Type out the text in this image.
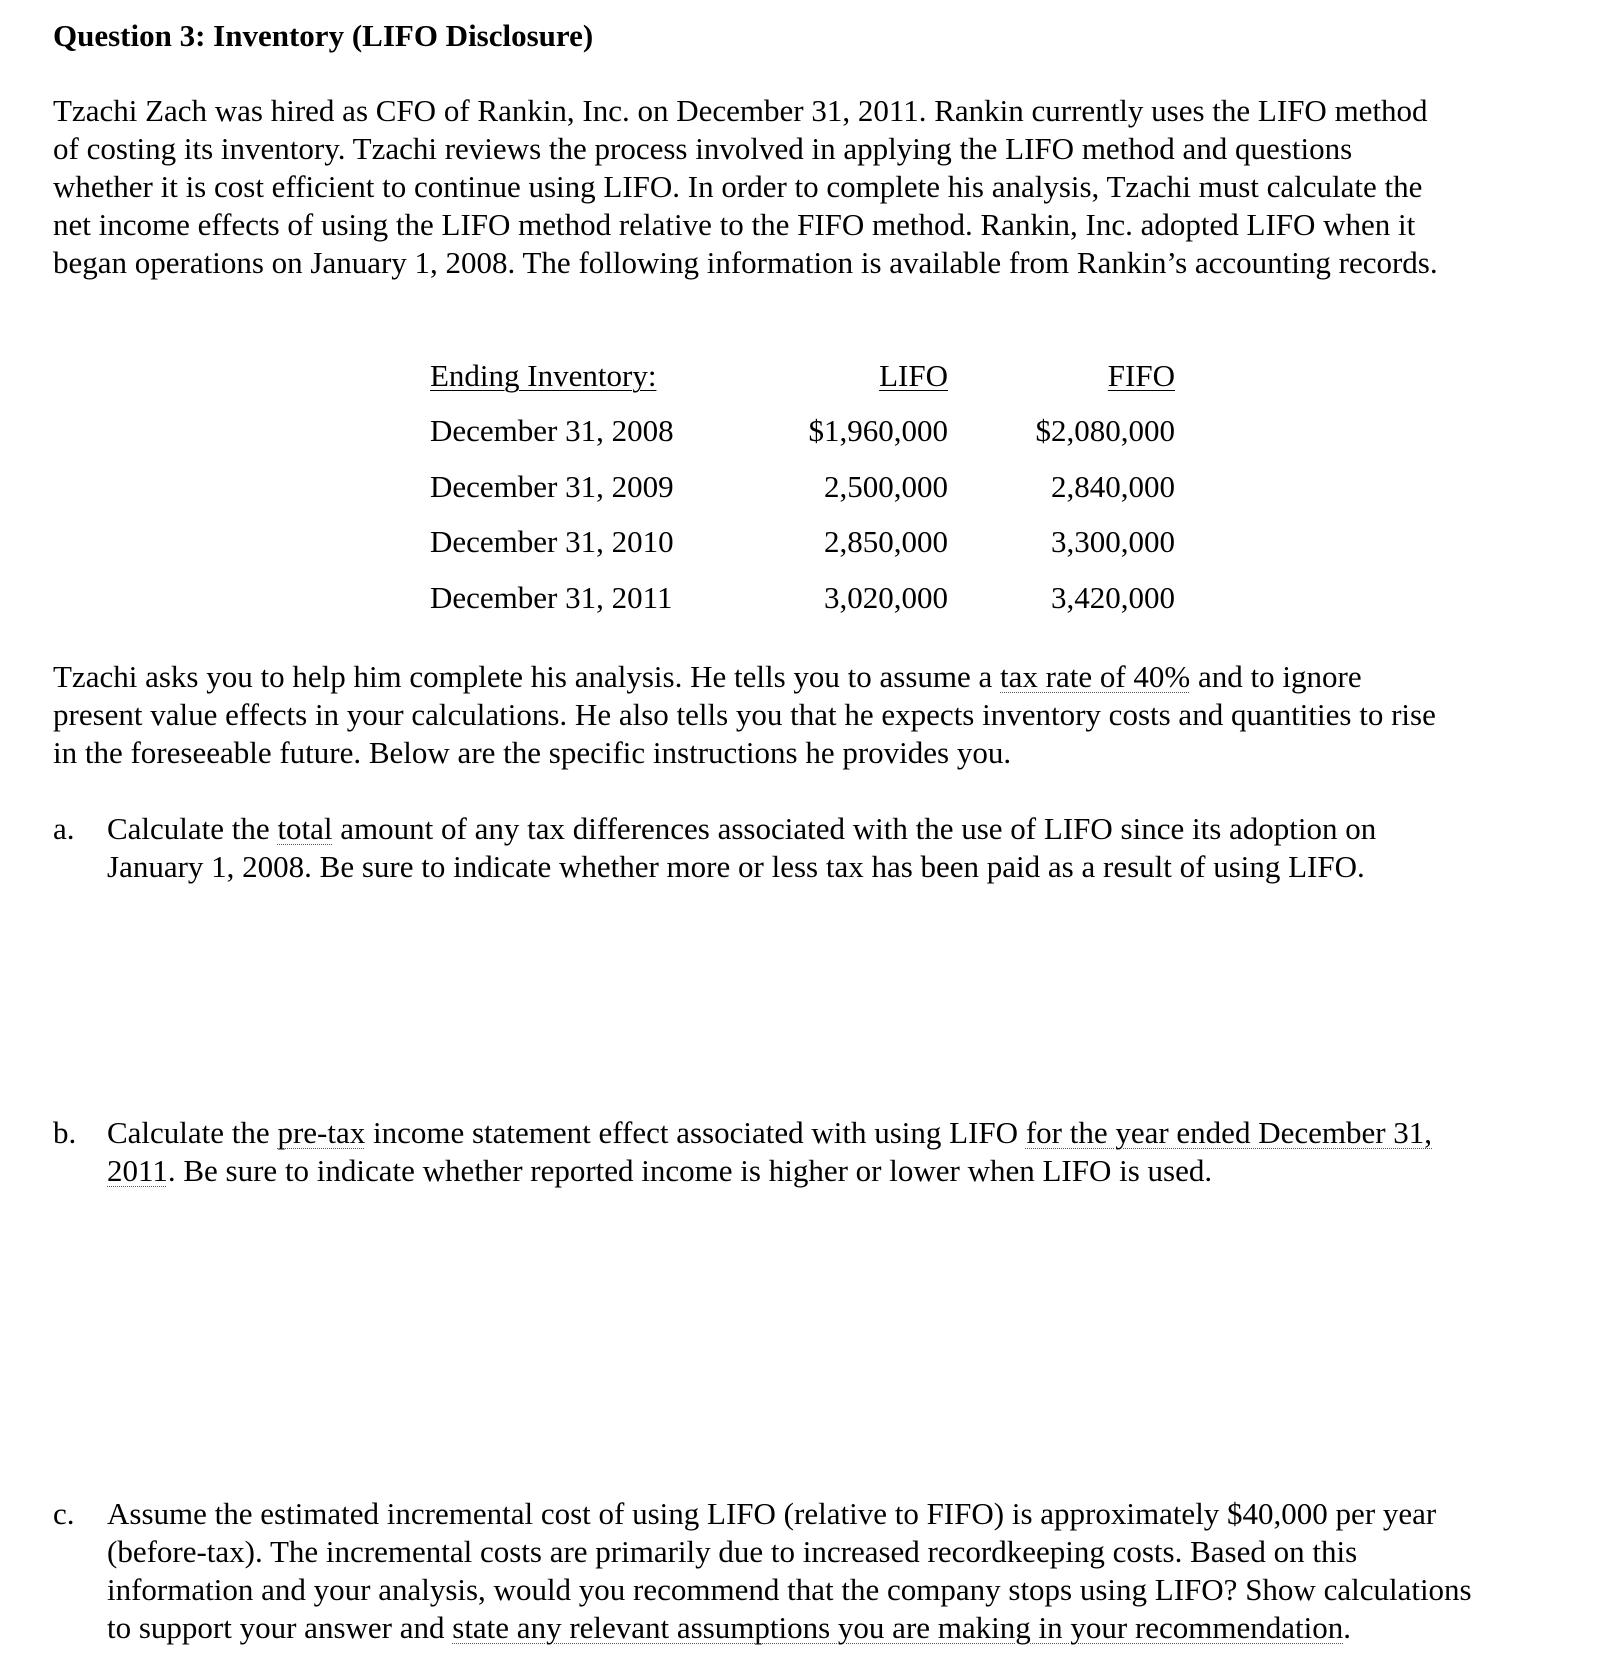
Question 3: Inventory (LIFO Disclosure)
Tzachi Zach was hired as CFO of Rankin, Inc. on December 31, 2011. Rankin currently uses the LIFO method
of costing its inventory. Tzachi reviews the process involved in applying the LIFO method and questions
whether it is cost efficient to continue using LIFO. In order to complete his analysis, Tzachi must calculate the
net income effects of using the LIFO method relative to the FIFO method. Rankin, Inc. adopted LIFO when it
began operations on January 1, 2008. The following information is available from Rankin’s accounting records.
Ending Inventory:	LIFO	FIFO
December 31, 2008	$1,960,000	$2,080,000
December 31, 2009	2,500,000	2,840,000
December 31, 2010	2,850,000	3,300,000
December 31, 2011	3,020,000	3,420,000
Tzachi asks you to help him complete his analysis. He tells you to assume a tax rate of 40% and to ignore
present value effects in your calculations. He also tells you that he expects inventory costs and quantities to rise
in the foreseeable future. Below are the specific instructions he provides you.
a. Calculate the total amount of any tax differences associated with the use of LIFO since its adoption on
January 1, 2008. Be sure to indicate whether more or less tax has been paid as a result of using LIFO.
b. Calculate the pre-tax income statement effect associated with using LIFO for the year ended December 31,
2011. Be sure to indicate whether reported income is higher or lower when LIFO is used.
c. Assume the estimated incremental cost of using LIFO (relative to FIFO) is approximately $40,000 per year
(before-tax). The incremental costs are primarily due to increased recordkeeping costs. Based on this
information and your analysis, would you recommend that the company stops using LIFO? Show calculations
to support your answer and state any relevant assumptions you are making in your recommendation.
